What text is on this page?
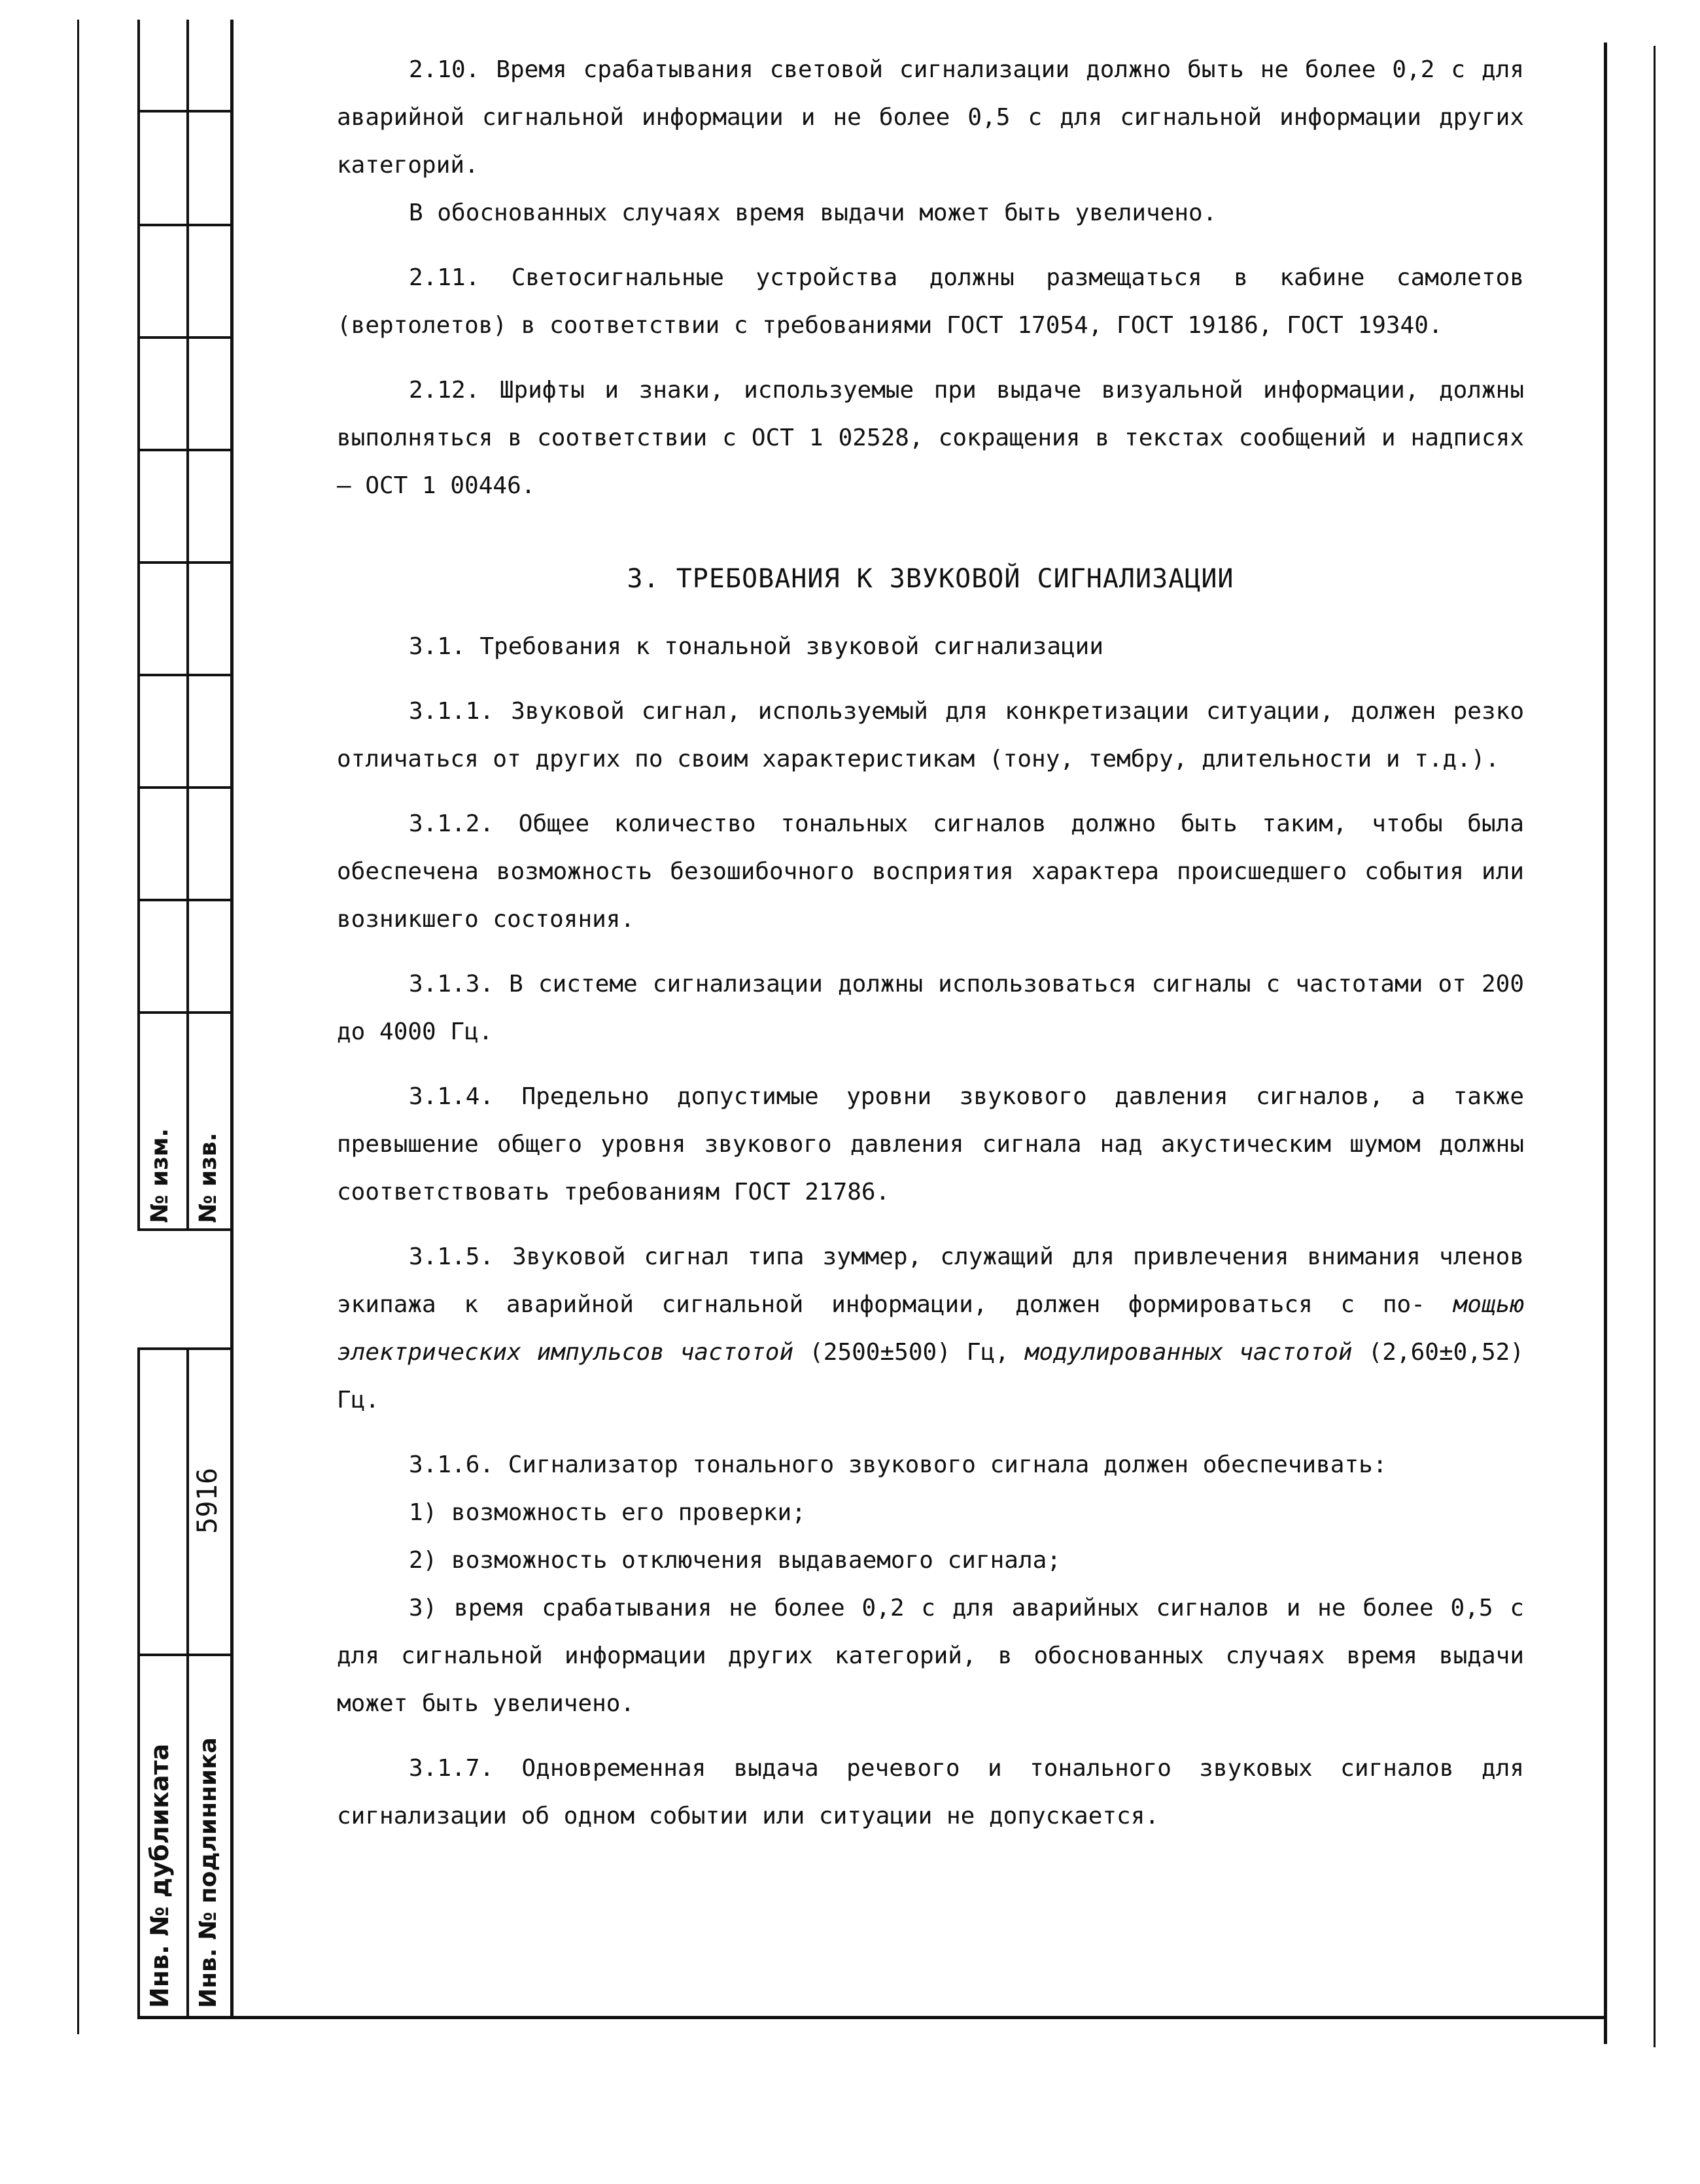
№ изм. № изв.
Инв. № дубликата Инв. № подлинника
5916

2.10. Время срабатывания световой сигнализации должно быть не более 0,2 с для аварийной сигнальной информации и не более 0,5 с для сигнальной информации других категорий.

В обоснованных случаях время выдачи может быть увеличено.

2.11. Светосигнальные устройства должны размещаться в кабине самолетов (вертолетов) в соответствии с требованиями ГОСТ 17054, ГОСТ 19186, ГОСТ 19340.

2.12. Шрифты и знаки, используемые при выдаче визуальной информации, должны выполняться в соответствии с ОСТ 1 02528, сокращения в текстах сообщений и надписях – ОСТ 1 00446.

3. ТРЕБОВАНИЯ К ЗВУКОВОЙ СИГНАЛИЗАЦИИ

3.1. Требования к тональной звуковой сигнализации

3.1.1. Звуковой сигнал, используемый для конкретизации ситуации, должен резко отличаться от других по своим характеристикам (тону, тембру, длительности и т.д.).

3.1.2. Общее количество тональных сигналов должно быть таким, чтобы была обеспечена возможность безошибочного восприятия характера происшедшего события или возникшего состояния.

3.1.3. В системе сигнализации должны использоваться сигналы с частотами от 200 до 4000 Гц.

3.1.4. Предельно допустимые уровни звукового давления сигналов, а также превышение общего уровня звукового давления сигнала над акустическим шумом должны соответствовать требованиям ГОСТ 21786.

3.1.5. Звуковой сигнал типа зуммер, служащий для привлечения внимания членов экипажа к аварийной сигнальной информации, должен формироваться с по- мощью электрических импульсов частотой (2500±500) Гц, модулированных частотой (2,60±0,52) Гц.

3.1.6. Сигнализатор тонального звукового сигнала должен обеспечивать:

1) возможность его проверки;

2) возможность отключения выдаваемого сигнала;

3) время срабатывания не более 0,2 с для аварийных сигналов и не более 0,5 с для сигнальной информации других категорий, в обоснованных случаях время выдачи может быть увеличено.

3.1.7. Одновременная выдача речевого и тонального звуковых сигналов для сигнализации об одном событии или ситуации не допускается.
